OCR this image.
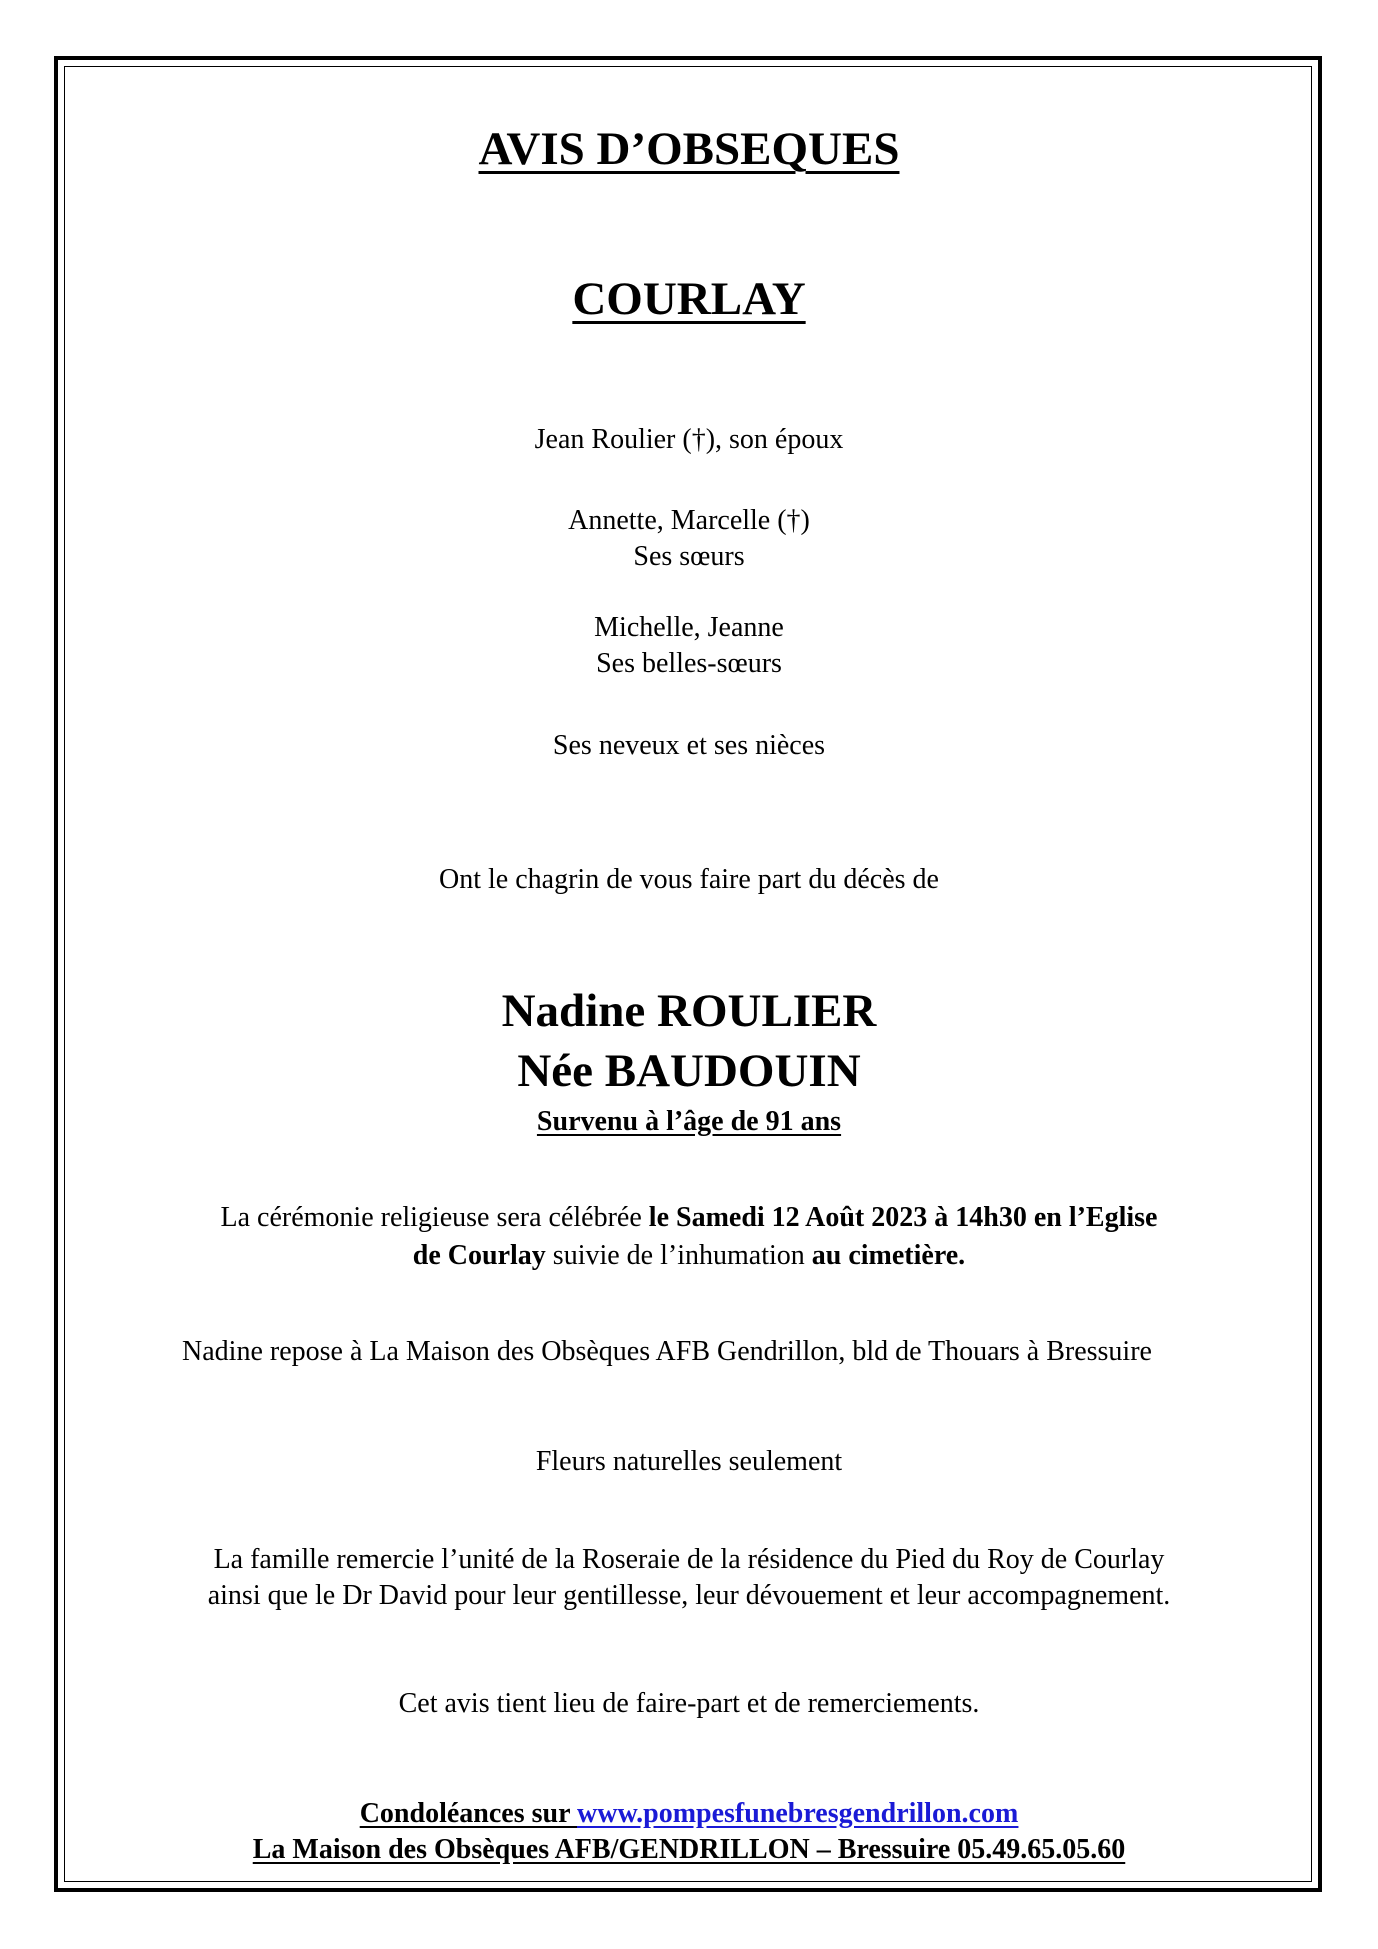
AVIS D’OBSEQUES
COURLAY
Jean Roulier (†), son époux
Annette, Marcelle (†)
Ses sœurs
Michelle, Jeanne
Ses belles-sœurs
Ses neveux et ses nièces
Ont le chagrin de vous faire part du décès de
Nadine ROULIER
Née BAUDOUIN
Survenu à l’âge de 91 ans
La cérémonie religieuse sera célébrée le Samedi 12 Août 2023 à 14h30 en l’Eglise
de Courlay suivie de l’inhumation au cimetière.
Nadine repose à La Maison des Obsèques AFB Gendrillon, bld de Thouars à Bressuire
Fleurs naturelles seulement
La famille remercie l’unité de la Roseraie de la résidence du Pied du Roy de Courlay
ainsi que le Dr David pour leur gentillesse, leur dévouement et leur accompagnement.
Cet avis tient lieu de faire-part et de remerciements.
Condoléances sur www.pompesfunebresgendrillon.com
La Maison des Obsèques AFB/GENDRILLON – Bressuire 05.49.65.05.60
